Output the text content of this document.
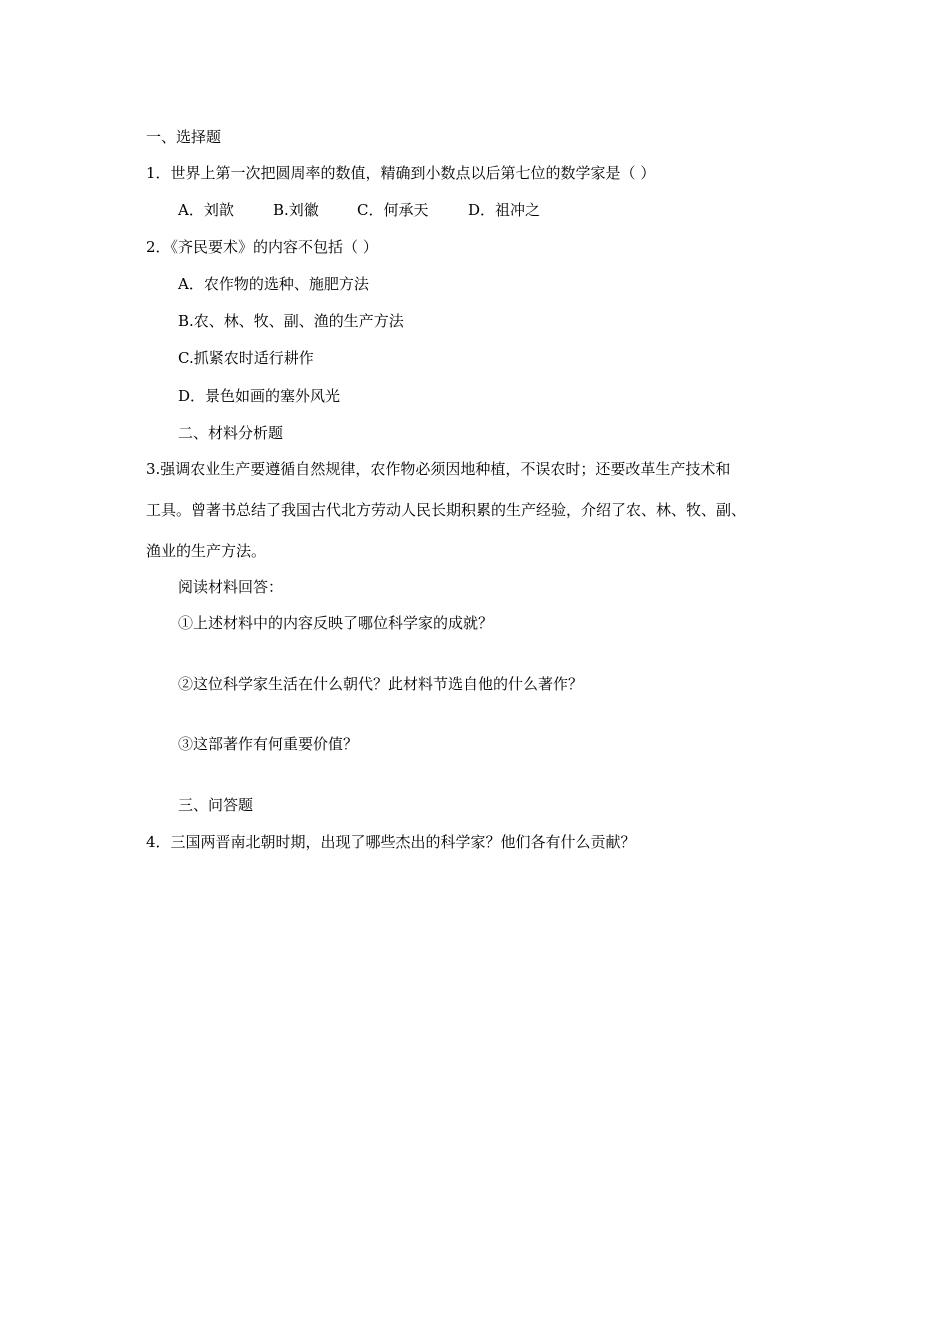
一、选择题
1．世界上第一次把圆周率的数值，精确到小数点以后第七位的数学家是（ ）
A．刘歆	B.刘徽	C．何承天	D．祖冲之
2．《齐民要术》的内容不包括（ ）
A．农作物的选种、施肥方法
B.农、林、牧、副、渔的生产方法
C.抓紧农时适行耕作
D．景色如画的塞外风光
二、材料分析题
3.强调农业生产要遵循自然规律，农作物必须因地种植，不误农时；还要改革生产技术和
工具。曾著书总结了我国古代北方劳动人民长期积累的生产经验，介绍了农、林、牧、副、
渔业的生产方法。
阅读材料回答：
①上述材料中的内容反映了哪位科学家的成就？
②这位科学家生活在什么朝代？此材料节选自他的什么著作？
③这部著作有何重要价值？
三、问答题
4．三国两晋南北朝时期，出现了哪些杰出的科学家？他们各有什么贡献？
